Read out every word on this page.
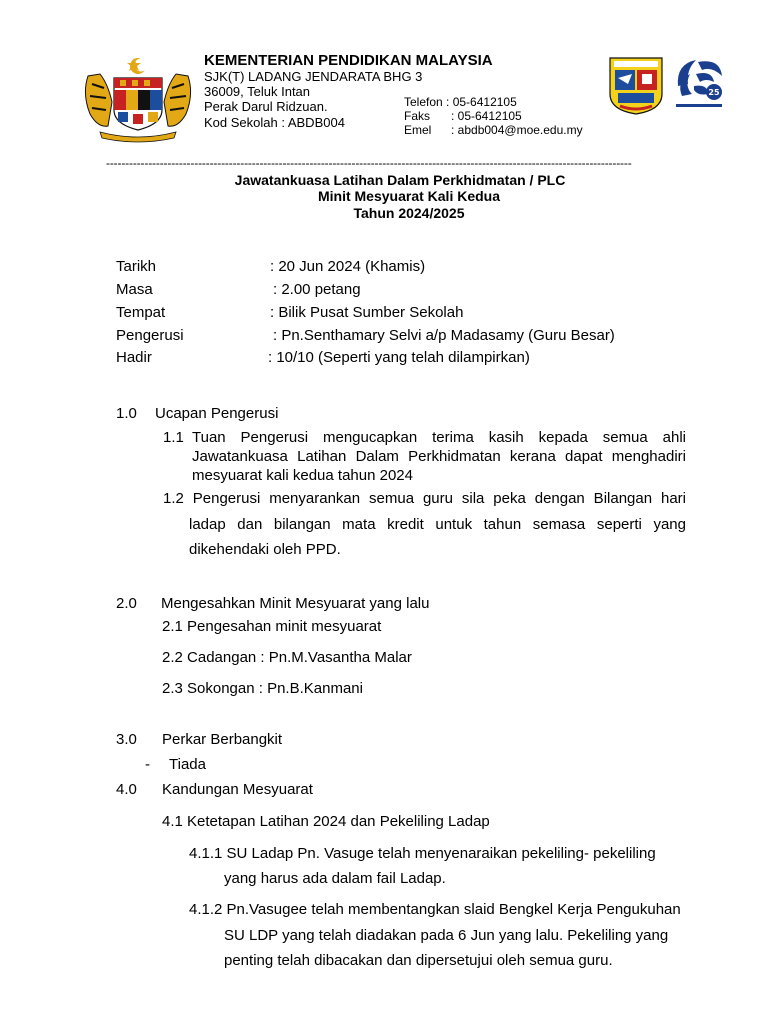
KEMENTERIAN PENDIDIKAN MALAYSIA
SJK(T) LADANG JENDARATA BHG 3
36009, Teluk Intan
Perak Darul Ridzuan.
Kod Sekolah : ABDB004
Telefon : 05-6412105
Faks : 05-6412105
Emel : abdb004@moe.edu.my
25
-----------------------------------------------------------------------------------------------------------------------------------------
Jawatankuasa Latihan Dalam Perkhidmatan / PLC
Minit Mesyuarat Kali Kedua
Tahun 2024/2025
Tarikh	: 20 Jun 2024 (Khamis)
Masa	: 2.00 petang
Tempat	: Bilik Pusat Sumber Sekolah
Pengerusi	: Pn.Senthamary Selvi a/p Madasamy (Guru Besar)
Hadir	: 10/10 (Seperti yang telah dilampirkan)
1.0 Ucapan Pengerusi
1.1 Tuan Pengerusi mengucapkan terima kasih kepada semua ahli
Jawatankuasa Latihan Dalam Perkhidmatan kerana dapat menghadiri
mesyuarat kali kedua tahun 2024
1.2 Pengerusi menyarankan semua guru sila peka dengan Bilangan hari
ladap dan bilangan mata kredit untuk tahun semasa seperti yang
dikehendaki oleh PPD.
2.0 Mengesahkan Minit Mesyuarat yang lalu
2.1 Pengesahan minit mesyuarat
2.2 Cadangan : Pn.M.Vasantha Malar
2.3 Sokongan : Pn.B.Kanmani
3.0 Perkar Berbangkit
- Tiada
4.0 Kandungan Mesyuarat
4.1 Ketetapan Latihan 2024 dan Pekeliling Ladap
4.1.1 SU Ladap Pn. Vasuge telah menyenaraikan pekeliling- pekeliling
yang harus ada dalam fail Ladap.
4.1.2 Pn.Vasugee telah membentangkan slaid Bengkel Kerja Pengukuhan
SU LDP yang telah diadakan pada 6 Jun yang lalu. Pekeliling yang
penting telah dibacakan dan dipersetujui oleh semua guru.
